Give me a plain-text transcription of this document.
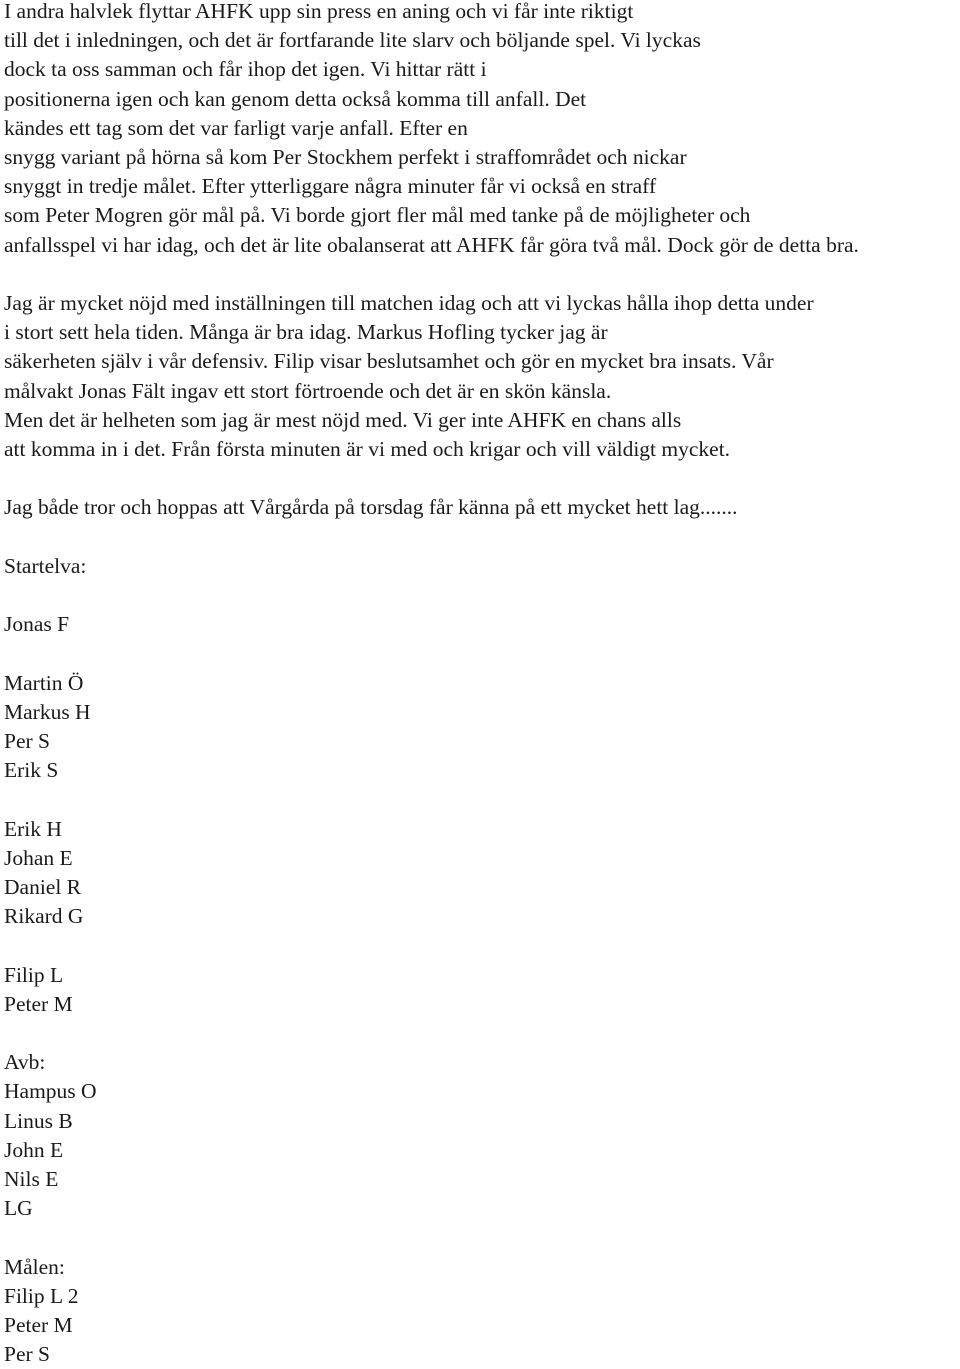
I andra halvlek flyttar AHFK upp sin press en aning och vi får inte riktigt
till det i inledningen, och det är fortfarande lite slarv och böljande spel. Vi lyckas
dock ta oss samman och får ihop det igen. Vi hittar rätt i
positionerna igen och kan genom detta också komma till anfall. Det
kändes ett tag som det var farligt varje anfall. Efter en
snygg variant på hörna så kom Per Stockhem perfekt i straffområdet och nickar
snyggt in tredje målet. Efter ytterliggare några minuter får vi också en straff
som Peter Mogren gör mål på. Vi borde gjort fler mål med tanke på de möjligheter och
anfallsspel vi har idag, och det är lite obalanserat att AHFK får göra två mål. Dock gör de detta bra.
Jag är mycket nöjd med inställningen till matchen idag och att vi lyckas hålla ihop detta under
i stort sett hela tiden. Många är bra idag. Markus Hofling tycker jag är
säkerheten själv i vår defensiv. Filip visar beslutsamhet och gör en mycket bra insats. Vår
målvakt Jonas Fält ingav ett stort förtroende och det är en skön känsla.
Men det är helheten som jag är mest nöjd med. Vi ger inte AHFK en chans alls
att komma in i det. Från första minuten är vi med och krigar och vill väldigt mycket.
Jag både tror och hoppas att Vårgårda på torsdag får känna på ett mycket hett lag.......
Startelva:
Jonas F
Martin Ö
Markus H
Per S
Erik S
Erik H
Johan E
Daniel R
Rikard G
Filip L
Peter M
Avb:
Hampus O
Linus B
John E
Nils E
LG
Målen:
Filip L 2
Peter M
Per S
